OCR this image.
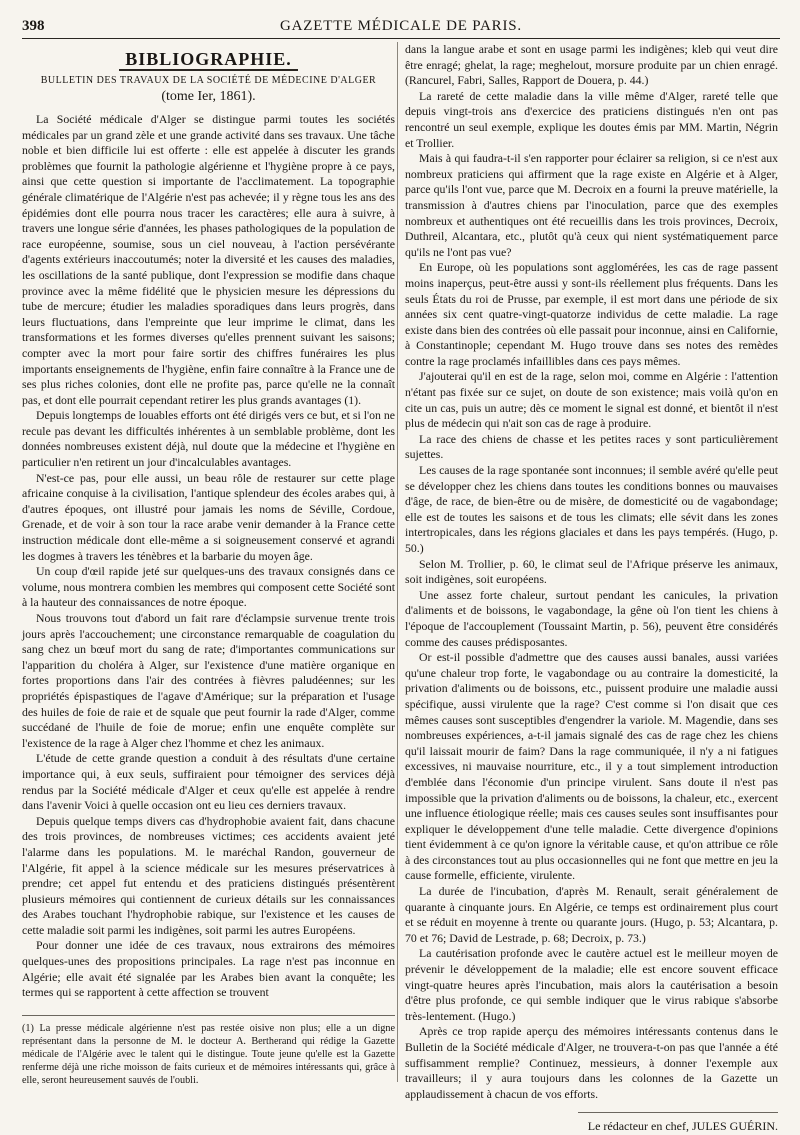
398	GAZETTE MÉDICALE DE PARIS.
BIBLIOGRAPHIE.
BULLETIN DES TRAVAUX DE LA SOCIÉTÉ DE MÉDECINE D'ALGER
(tome Ier, 1861).

La Société médicale d'Alger se distingue parmi toutes les sociétés médicales par un grand zèle et une grande activité dans ses travaux. Une tâche noble et bien difficile lui est offerte : elle est appelée à discuter les grands problèmes que fournit la pathologie algérienne et l'hygiène propre à ce pays, ainsi que cette question si importante de l'acclimatement. La topographie générale climatérique de l'Algérie n'est pas achevée; il y règne tous les ans des épidémies dont elle pourra nous tracer les caractères; elle aura à suivre, à travers une longue série d'années, les phases pathologiques de la population de race européenne, soumise, sous un ciel nouveau, à l'action persévérante d'agents extérieurs inaccoutumés; noter la diversité et les causes des maladies, les oscillations de la santé publique, dont l'expression se modifie dans chaque province avec la même fidélité que le physicien mesure les dépressions du tube de mercure; étudier les maladies sporadiques dans leurs progrès, dans leurs fluctuations, dans l'empreinte que leur imprime le climat, dans les transformations et les formes diverses qu'elles prennent suivant les saisons; compter avec la mort pour faire sortir des chiffres funéraires les plus importants enseignements de l'hygiène, enfin faire connaître à la France une de ses plus riches colonies, dont elle ne profite pas, parce qu'elle ne la connaît pas, et dont elle pourrait cependant retirer les plus grands avantages (1).

Depuis longtemps de louables efforts ont été dirigés vers ce but, et si l'on ne recule pas devant les difficultés inhérentes à un semblable problème, dont les données nombreuses existent déjà, nul doute que la médecine et l'hygiène en particulier n'en retirent un jour d'incalculables avantages.

N'est-ce pas, pour elle aussi, un beau rôle de restaurer sur cette plage africaine conquise à la civilisation, l'antique splendeur des écoles arabes qui, à d'autres époques, ont illustré pour jamais les noms de Séville, Cordoue, Grenade, et de voir à son tour la race arabe venir demander à la France cette instruction médicale dont elle-même a si soigneusement conservé et agrandi les dogmes à travers les ténèbres et la barbarie du moyen âge.

Un coup d'œil rapide jeté sur quelques-uns des travaux consignés dans ce volume, nous montrera combien les membres qui composent cette Société sont à la hauteur des connaissances de notre époque.

Nous trouvons tout d'abord un fait rare d'éclampsie survenue trente trois jours après l'accouchement; une circonstance remarquable de coagulation du sang chez un bœuf mort du sang de rate; d'importantes communications sur l'apparition du choléra à Alger, sur l'existence d'une matière organique en fortes proportions dans l'air des contrées à fièvres paludéennes; sur les propriétés épispastiques de l'agave d'Amérique; sur la préparation et l'usage des huiles de foie de raie et de squale que peut fournir la rade d'Alger, comme succédané de l'huile de foie de morue; enfin une enquête complète sur l'existence de la rage à Alger chez l'homme et chez les animaux.

L'étude de cette grande question a conduit à des résultats d'une certaine importance qui, à eux seuls, suffiraient pour témoigner des services déjà rendus par la Société médicale d'Alger et ceux qu'elle est appelée à rendre dans l'avenir Voici à quelle occasion ont eu lieu ces derniers travaux.

Depuis quelque temps divers cas d'hydrophobie avaient fait, dans chacune des trois provinces, de nombreuses victimes; ces accidents avaient jeté l'alarme dans les populations. M. le maréchal Randon, gouverneur de l'Algérie, fit appel à la science médicale sur les mesures préservatrices à prendre; cet appel fut entendu et des praticiens distingués présentèrent plusieurs mémoires qui contiennent de curieux détails sur les connaissances des Arabes touchant l'hydrophobie rabique, sur l'existence et les causes de cette maladie soit parmi les indigènes, soit parmi les autres Européens.

Pour donner une idée de ces travaux, nous extrairons des mémoires quelques-unes des propositions principales. La rage n'est pas inconnue en Algérie; elle avait été signalée par les Arabes bien avant la conquête; les termes qui se rapportent à cette affection se trouvent

(1) La presse médicale algérienne n'est pas restée oisive non plus; elle a un digne représentant dans la personne de M. le docteur A. Bertherand qui rédige la Gazette médicale de l'Algérie avec le talent qui le distingue. Toute jeune qu'elle est la Gazette renferme déjà une riche moisson de faits curieux et de mémoires intéressants qui, grâce à elle, seront heureusement sauvés de l'oubli.

dans la langue arabe et sont en usage parmi les indigènes; kleb qui veut dire être enragé; ghelat, la rage; meghelout, morsure produite par un chien enragé. (Rancurel, Fabri, Salles, Rapport de Douera, p. 44.)

La rareté de cette maladie dans la ville même d'Alger, rareté telle que depuis vingt-trois ans d'exercice des praticiens distingués n'en ont pas rencontré un seul exemple, explique les doutes émis par MM. Martin, Négrin et Trollier.

Mais à qui faudra-t-il s'en rapporter pour éclairer sa religion, si ce n'est aux nombreux praticiens qui affirment que la rage existe en Algérie et à Alger, parce qu'ils l'ont vue, parce que M. Decroix en a fourni la preuve matérielle, la transmission à d'autres chiens par l'inoculation, parce que des exemples nombreux et authentiques ont été recueillis dans les trois provinces, Decroix, Duthreil, Alcantara, etc., plutôt qu'à ceux qui nient systématiquement parce qu'ils ne l'ont pas vue?

En Europe, où les populations sont agglomérées, les cas de rage passent moins inaperçus, peut-être aussi y sont-ils réellement plus fréquents. Dans les seuls États du roi de Prusse, par exemple, il est mort dans une période de six années six cent quatre-vingt-quatorze individus de cette maladie. La rage existe dans bien des contrées où elle passait pour inconnue, ainsi en Californie, à Constantinople; cependant M. Hugo trouve dans ses notes des remèdes contre la rage proclamés infaillibles dans ces pays mêmes.

J'ajouterai qu'il en est de la rage, selon moi, comme en Algérie : l'attention n'étant pas fixée sur ce sujet, on doute de son existence; mais voilà qu'on en cite un cas, puis un autre; dès ce moment le signal est donné, et bientôt il n'est plus de médecin qui n'ait son cas de rage à produire.

La race des chiens de chasse et les petites races y sont particulièrement sujettes.

Les causes de la rage spontanée sont inconnues; il semble avéré qu'elle peut se développer chez les chiens dans toutes les conditions bonnes ou mauvaises d'âge, de race, de bien-être ou de misère, de domesticité ou de vagabondage; elle est de toutes les saisons et de tous les climats; elle sévit dans les zones intertropicales, dans les régions glaciales et dans les pays tempérés. (Hugo, p. 50.)

Selon M. Trollier, p. 60, le climat seul de l'Afrique préserve les animaux, soit indigènes, soit européens.

Une assez forte chaleur, surtout pendant les canicules, la privation d'aliments et de boissons, le vagabondage, la gêne où l'on tient les chiens à l'époque de l'accouplement (Toussaint Martin, p. 56), peuvent être considérés comme des causes prédisposantes.

Or est-il possible d'admettre que des causes aussi banales, aussi variées qu'une chaleur trop forte, le vagabondage ou au contraire la domesticité, la privation d'aliments ou de boissons, etc., puissent produire une maladie aussi spécifique, aussi virulente que la rage? C'est comme si l'on disait que ces mêmes causes sont susceptibles d'engendrer la variole. M. Magendie, dans ses nombreuses expériences, a-t-il jamais signalé des cas de rage chez les chiens qu'il laissait mourir de faim? Dans la rage communiquée, il n'y a ni fatigues excessives, ni mauvaise nourriture, etc., il y a tout simplement introduction d'emblée dans l'économie d'un principe virulent. Sans doute il n'est pas impossible que la privation d'aliments ou de boissons, la chaleur, etc., exercent une influence étiologique réelle; mais ces causes seules sont insuffisantes pour expliquer le développement d'une telle maladie. Cette divergence d'opinions tient évidemment à ce qu'on ignore la véritable cause, et qu'on attribue ce rôle à des circonstances tout au plus occasionnelles qui ne font que mettre en jeu la cause formelle, efficiente, virulente.

La durée de l'incubation, d'après M. Renault, serait généralement de quarante à cinquante jours. En Algérie, ce temps est ordinairement plus court et se réduit en moyenne à trente ou quarante jours. (Hugo, p. 53; Alcantara, p. 70 et 76; David de Lestrade, p. 68; Decroix, p. 73.)

La cautérisation profonde avec le cautère actuel est le meilleur moyen de prévenir le développement de la maladie; elle est encore souvent efficace vingt-quatre heures après l'incubation, mais alors la cautérisation a besoin d'être plus profonde, ce qui semble indiquer que le virus rabique s'absorbe très-lentement. (Hugo.)

Après ce trop rapide aperçu des mémoires intéressants contenus dans le Bulletin de la Société médicale d'Alger, ne trouvera-t-on pas que l'année a été suffisamment remplie? Continuez, messieurs, à donner l'exemple aux travailleurs; il y aura toujours dans les colonnes de la Gazette un applaudissement à chacun de vos efforts.

Le rédacteur en chef, JULES GUÉRIN.
